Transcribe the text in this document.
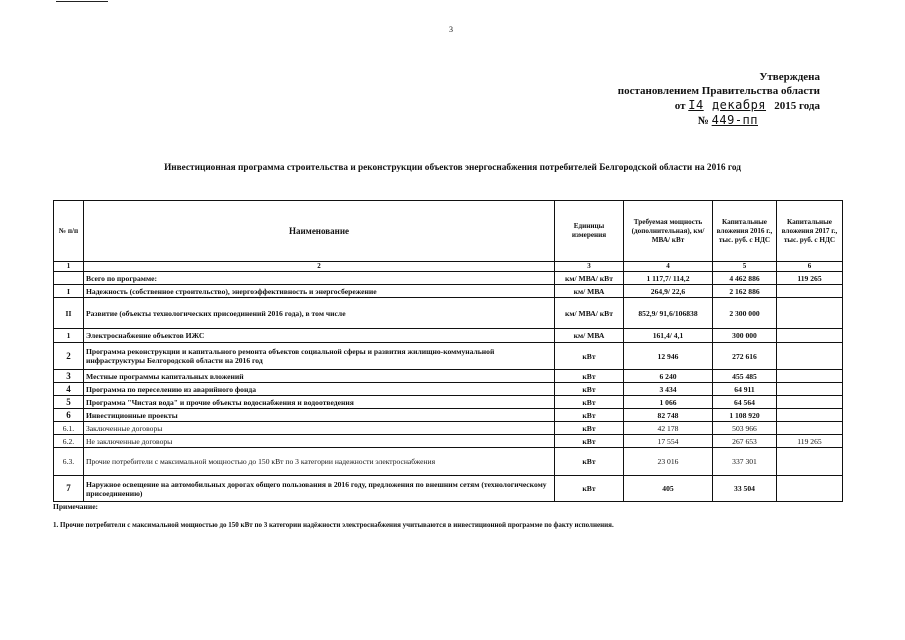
3
Утверждена
постановлением Правительства области
от I4 декабря 2015 года
№ 449-пп
Инвестиционная программа строительства и реконструкции объектов энергоснабжения потребителей Белгородской области на 2016 год
№ п/п	Наименование	Единицы измерения	Требуемая мощность (дополнительная), км/ МВА/ кВт	Капитальные вложения 2016 г., тыс. руб. с НДС	Капитальные вложения 2017 г., тыс. руб. с НДС
1	2	3	4	5	6
	Всего по программе:	км/ МВА/ кВт	1 117,7/ 114,2	4 462 886	119 265
I	Надежность (собственное строительство), энергоэффективность и энергосбережение	км/ МВА	264,9/ 22,6	2 162 886	
II	Развитие (объекты технологических присоединений 2016 года), в том числе	км/ МВА/ кВт	852,9/ 91,6/106838	2 300 000	
1	Электроснабжение объектов ИЖС	км/ МВА	161,4/ 4,1	300 000	
2	Программа реконструкции и капитального ремонта объектов социальной сферы и развития жилищно-коммунальной инфраструктуры Белгородской области на 2016 год	кВт	12 946	272 616	
3	Местные программы капитальных вложений	кВт	6 240	455 485	
4	Программа по переселению из аварийного фонда	кВт	3 434	64 911	
5	Программа "Чистая вода" и прочие объекты водоснабжения и водоотведения	кВт	1 066	64 564	
6	Инвестиционные проекты	кВт	82 748	1 108 920	
6.1.	Заключенные договоры	кВт	42 178	503 966	
6.2.	Не заключенные договоры	кВт	17 554	267 653	119 265
6.3.	Прочие потребители с максимальной мощностью до 150 кВт по 3 категории надежности электроснабжения	кВт	23 016	337 301	
7	Наружное освещение на автомобильных дорогах общего пользования в 2016 году, предложения по внешним сетям (технологическому присоединению)	кВт	405	33 504	
Примечание:
1. Прочие потребители с максимальной мощностью до 150 кВт по 3 категории надёжности электроснабжения учитываются в инвестиционной программе по факту исполнения.
